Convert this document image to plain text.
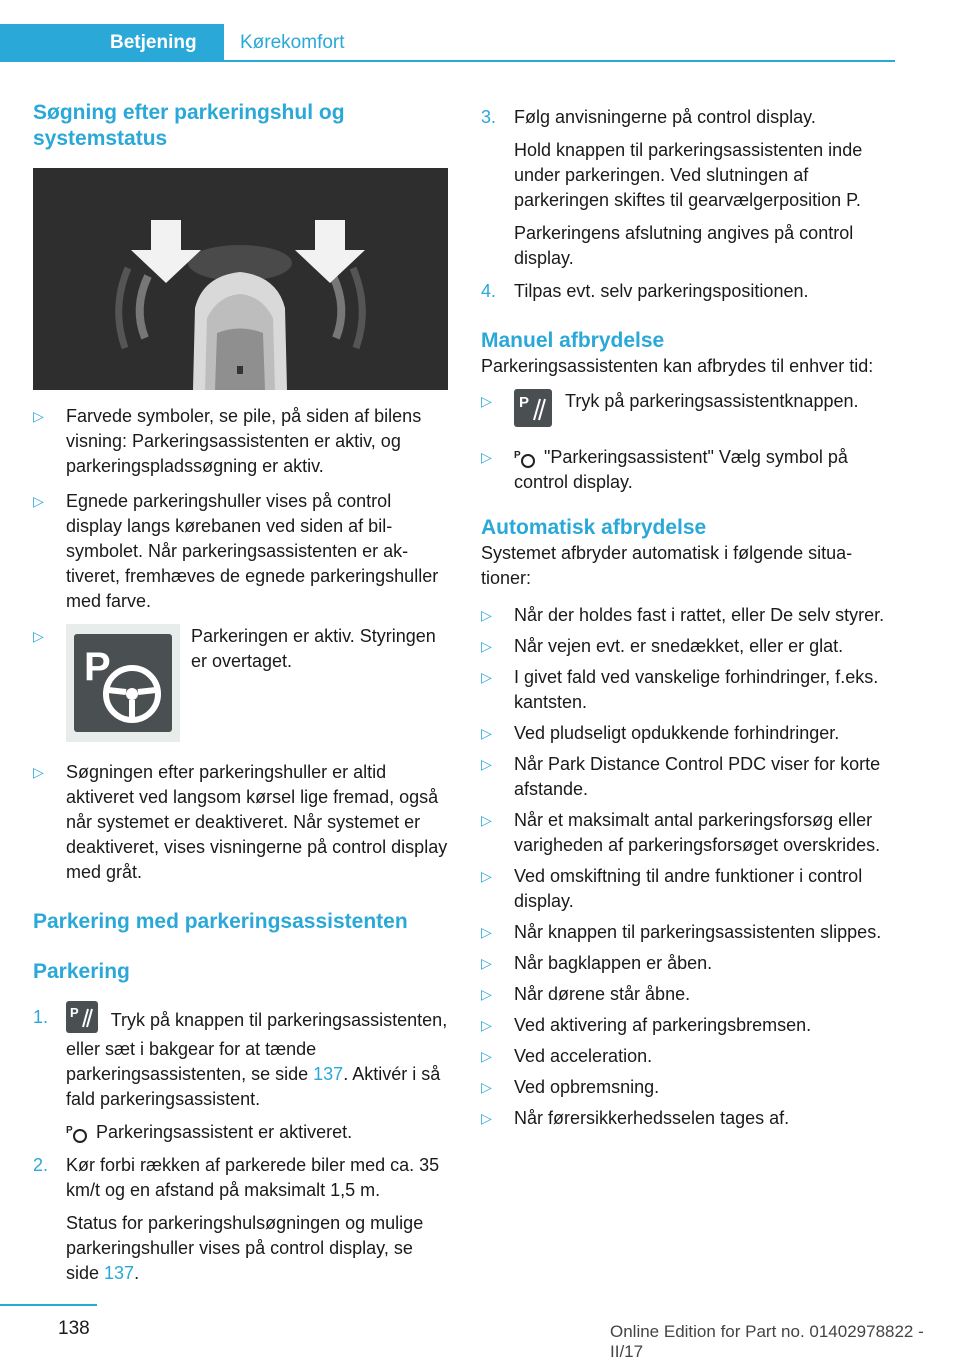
Betjening Kørekomfort
Søgning efter parkeringshul og systemstatus
▷ Farvede symboler, se pile, på siden af bilens visning: Parkeringsassistenten er aktiv, og parkeringspladssøgning er aktiv.
▷ Egnede parkeringshuller vises på control display langs kørebanen ved siden af bilsymbolet. Når parkeringsassistenten er aktiveret, fremhæves de egnede parkeringshuller med farve.
▷
P
Parkeringen er aktiv. Styringen er overtaget.
▷ Søgningen efter parkeringshuller er altid aktiveret ved langsom kørsel lige fremad, også når systemet er deaktiveret. Når systemet er deaktiveret, vises visningerne på control display med gråt.
Parkering med parkeringsassistenten
Parkering
1. P Tryk på knappen til parkeringsassistenten, eller sæt i bakgear for at tænde parkeringsassistenten, se side 137. Aktivér i så fald parkeringsassistent.
P Parkeringsassistent er aktiveret.
2. Kør forbi rækken af parkerede biler med ca. 35 km/t og en afstand på maksimalt 1,5 m.
Status for parkeringshulsøgningen og mulige parkeringshuller vises på control display, se side 137.
3. Følg anvisningerne på control display.
Hold knappen til parkeringsassistenten inde under parkeringen. Ved slutningen af parkeringen skiftes til gearvælgerposition P.
Parkeringens afslutning angives på control display.
4. Tilpas evt. selv parkeringspositionen.
Manuel afbrydelse

Parkeringsassistenten kan afbrydes til enhver tid:

▷ P Tryk på parkeringsassistentknappen.
▷ P "Parkeringsassistent" Vælg symbol på control display.
Automatisk afbrydelse

Systemet afbryder automatisk i følgende situationer:

▷ Når der holdes fast i rattet, eller De selv styrer.
▷ Når vejen evt. er snedækket, eller er glat.
▷ I givet fald ved vanskelige forhindringer, f.eks. kantsten.
▷ Ved pludseligt opdukkende forhindringer.
▷ Når Park Distance Control PDC viser for korte afstande.
▷ Når et maksimalt antal parkeringsforsøg eller varigheden af parkeringsforsøget overskrides.
▷ Ved omskiftning til andre funktioner i control display.
▷ Når knappen til parkeringsassistenten slippes.
▷ Når bagklappen er åben.
▷ Når dørene står åbne.
▷ Ved aktivering af parkeringsbremsen.
▷ Ved acceleration.
▷ Ved opbremsning.
▷ Når førersikkerhedsselen tages af.
138	Online Edition for Part no. 01402978822 - II/17
